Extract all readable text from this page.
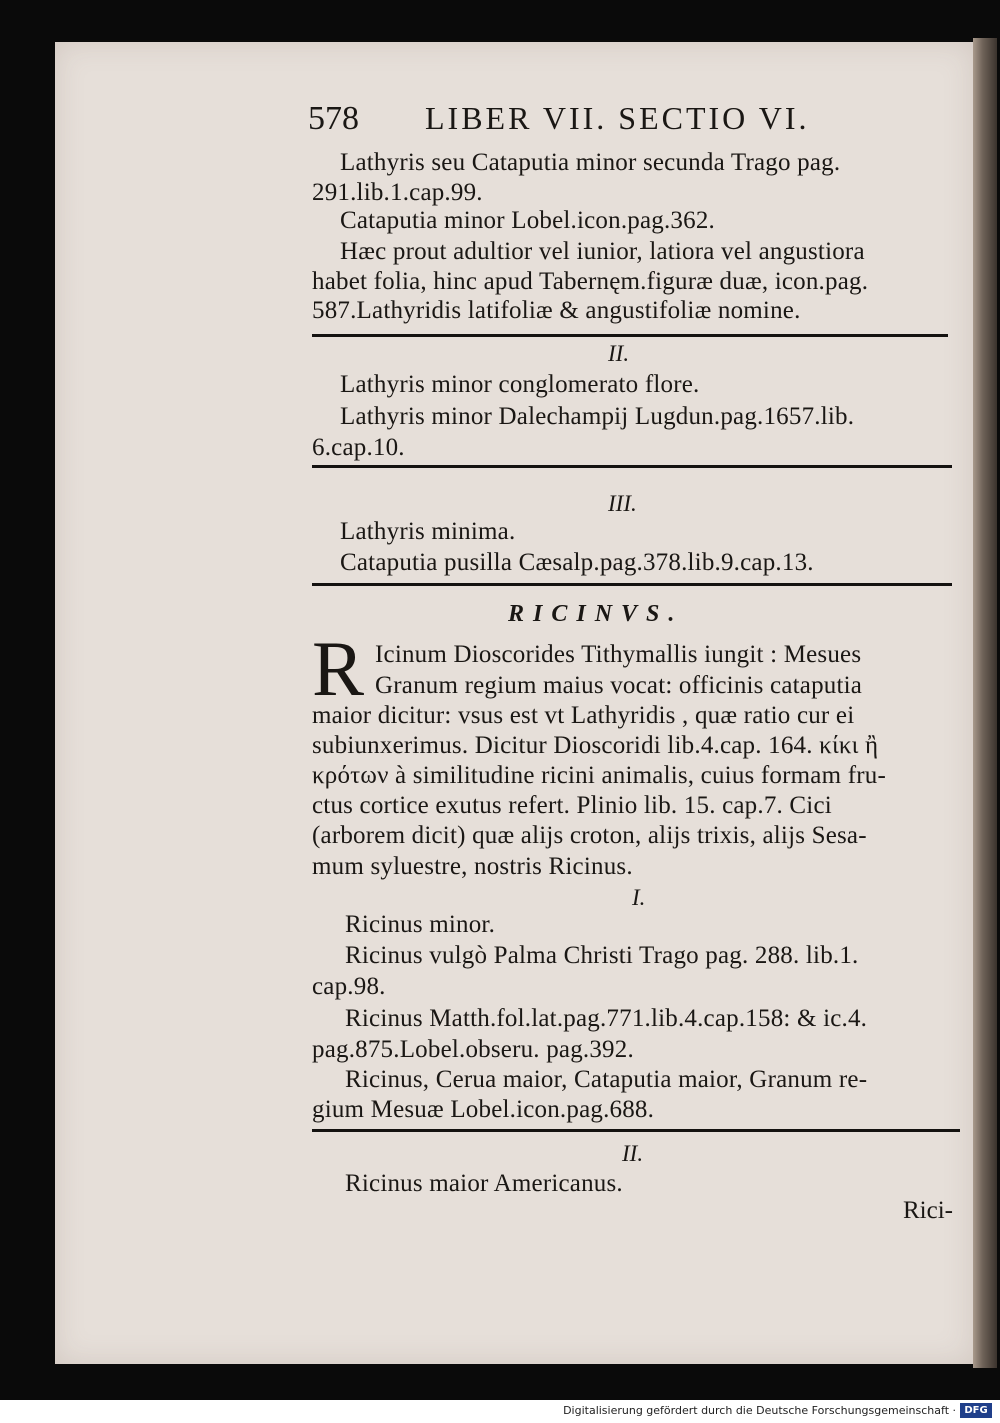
578 LIBER VII. SECTIO VI.
Lathyris seu Cataputia minor secunda Trago pag.
291.lib.1.cap.99.
Cataputia minor Lobel.icon.pag.362.
Hæc prout adultior vel iunior, latiora vel angustiora
habet folia, hinc apud Tabernęm.figuræ duæ, icon.pag.
587.Lathyridis latifoliæ & angustifoliæ nomine.
II.
Lathyris minor conglomerato flore.
Lathyris minor Dalechampij Lugdun.pag.1657.lib.
6.cap.10.
III.
Lathyris minima.
Cataputia pusilla Cæsalp.pag.378.lib.9.cap.13.
RICINVS.
R Icinum Dioscorides Tithymallis iungit : Mesues
Granum regium maius vocat: officinis cataputia
maior dicitur: vsus est vt Lathyridis , quæ ratio cur ei
subiunxerimus. Dicitur Dioscoridi lib.4.cap. 164. κίκι ἢ
κρότων à similitudine ricini animalis, cuius formam fru-
ctus cortice exutus refert. Plinio lib. 15. cap.7. Cici
(arborem dicit) quæ alijs croton, alijs trixis, alijs Sesa-
mum syluestre, nostris Ricinus.
I.
Ricinus minor.
Ricinus vulgò Palma Christi Trago pag. 288. lib.1.
cap.98.
Ricinus Matth.fol.lat.pag.771.lib.4.cap.158: & ic.4.
pag.875.Lobel.obseru. pag.392.
Ricinus, Cerua maior, Cataputia maior, Granum re-
gium Mesuæ Lobel.icon.pag.688.
II.
Ricinus maior Americanus.
Rici-
Digitalisierung gefördert durch die Deutsche Forschungsgemeinschaft · DFG
